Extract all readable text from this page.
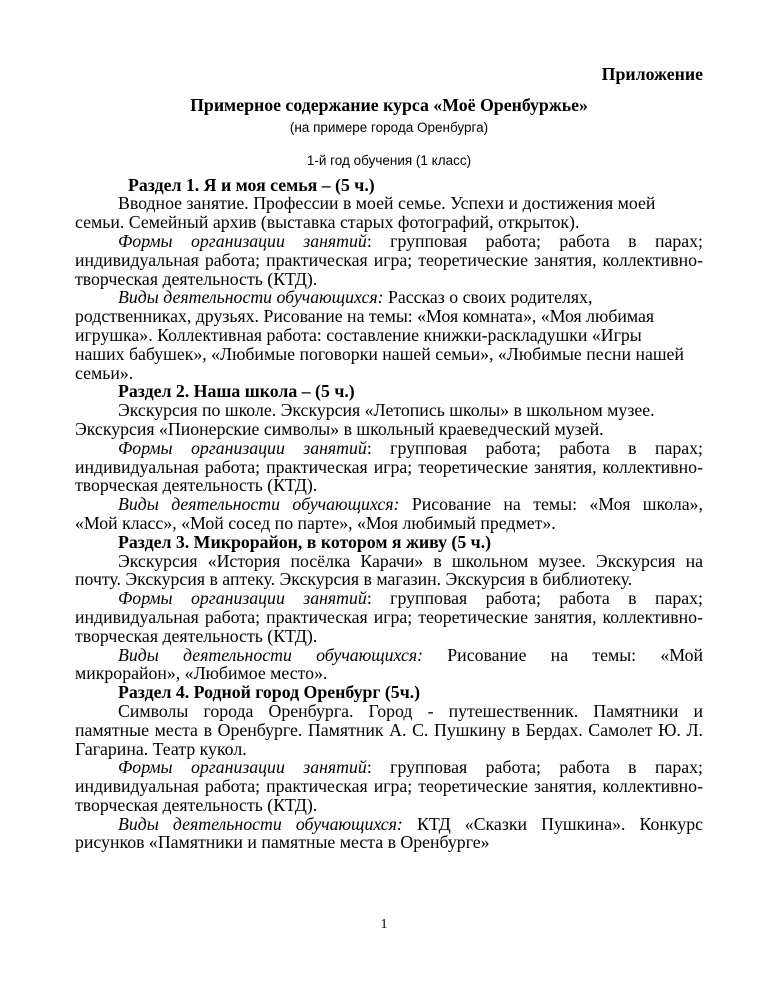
Приложение
Примерное содержание курса «Моё Оренбуржье»
(на примере города Оренбурга)
1-й год обучения (1 класс)
Раздел 1. Я и моя семья – (5 ч.)
Вводное занятие. Профессии в моей семье. Успехи и достижения моей
семьи. Семейный архив (выставка старых фотографий, открыток).
Формы организации занятий: групповая работа; работа в парах;
индивидуальная работа; практическая игра; теоретические занятия, коллективно-
творческая деятельность (КТД).
Виды деятельности обучающихся: Рассказ о своих родителях,
родственниках, друзьях. Рисование на темы: «Моя комната», «Моя любимая
игрушка». Коллективная работа: составление книжки-раскладушки «Игры
наших бабушек», «Любимые поговорки нашей семьи», «Любимые песни нашей
семьи».
Раздел 2. Наша школа – (5 ч.)
Экскурсия по школе. Экскурсия «Летопись школы» в школьном музее.
Экскурсия «Пионерские символы» в школьный краеведческий музей.
Формы организации занятий: групповая работа; работа в парах;
индивидуальная работа; практическая игра; теоретические занятия, коллективно-
творческая деятельность (КТД).
Виды деятельности обучающихся: Рисование на темы: «Моя школа»,
«Мой класс», «Мой сосед по парте», «Моя любимый предмет».
Раздел 3. Микрорайон, в котором я живу (5 ч.)
Экскурсия «История посёлка Карачи» в школьном музее. Экскурсия на
почту. Экскурсия в аптеку. Экскурсия в магазин. Экскурсия в библиотеку.
Формы организации занятий: групповая работа; работа в парах;
индивидуальная работа; практическая игра; теоретические занятия, коллективно-
творческая деятельность (КТД).
Виды деятельности обучающихся: Рисование на темы: «Мой
микрорайон», «Любимое место».
Раздел 4. Родной город Оренбург (5ч.)
Символы города Оренбурга. Город - путешественник. Памятники и
памятные места в Оренбурге. Памятник А. С. Пушкину в Бердах. Самолет Ю. Л.
Гагарина. Театр кукол.
Формы организации занятий: групповая работа; работа в парах;
индивидуальная работа; практическая игра; теоретические занятия, коллективно-
творческая деятельность (КТД).
Виды деятельности обучающихся: КТД «Сказки Пушкина». Конкурс
рисунков «Памятники и памятные места в Оренбурге»
1
